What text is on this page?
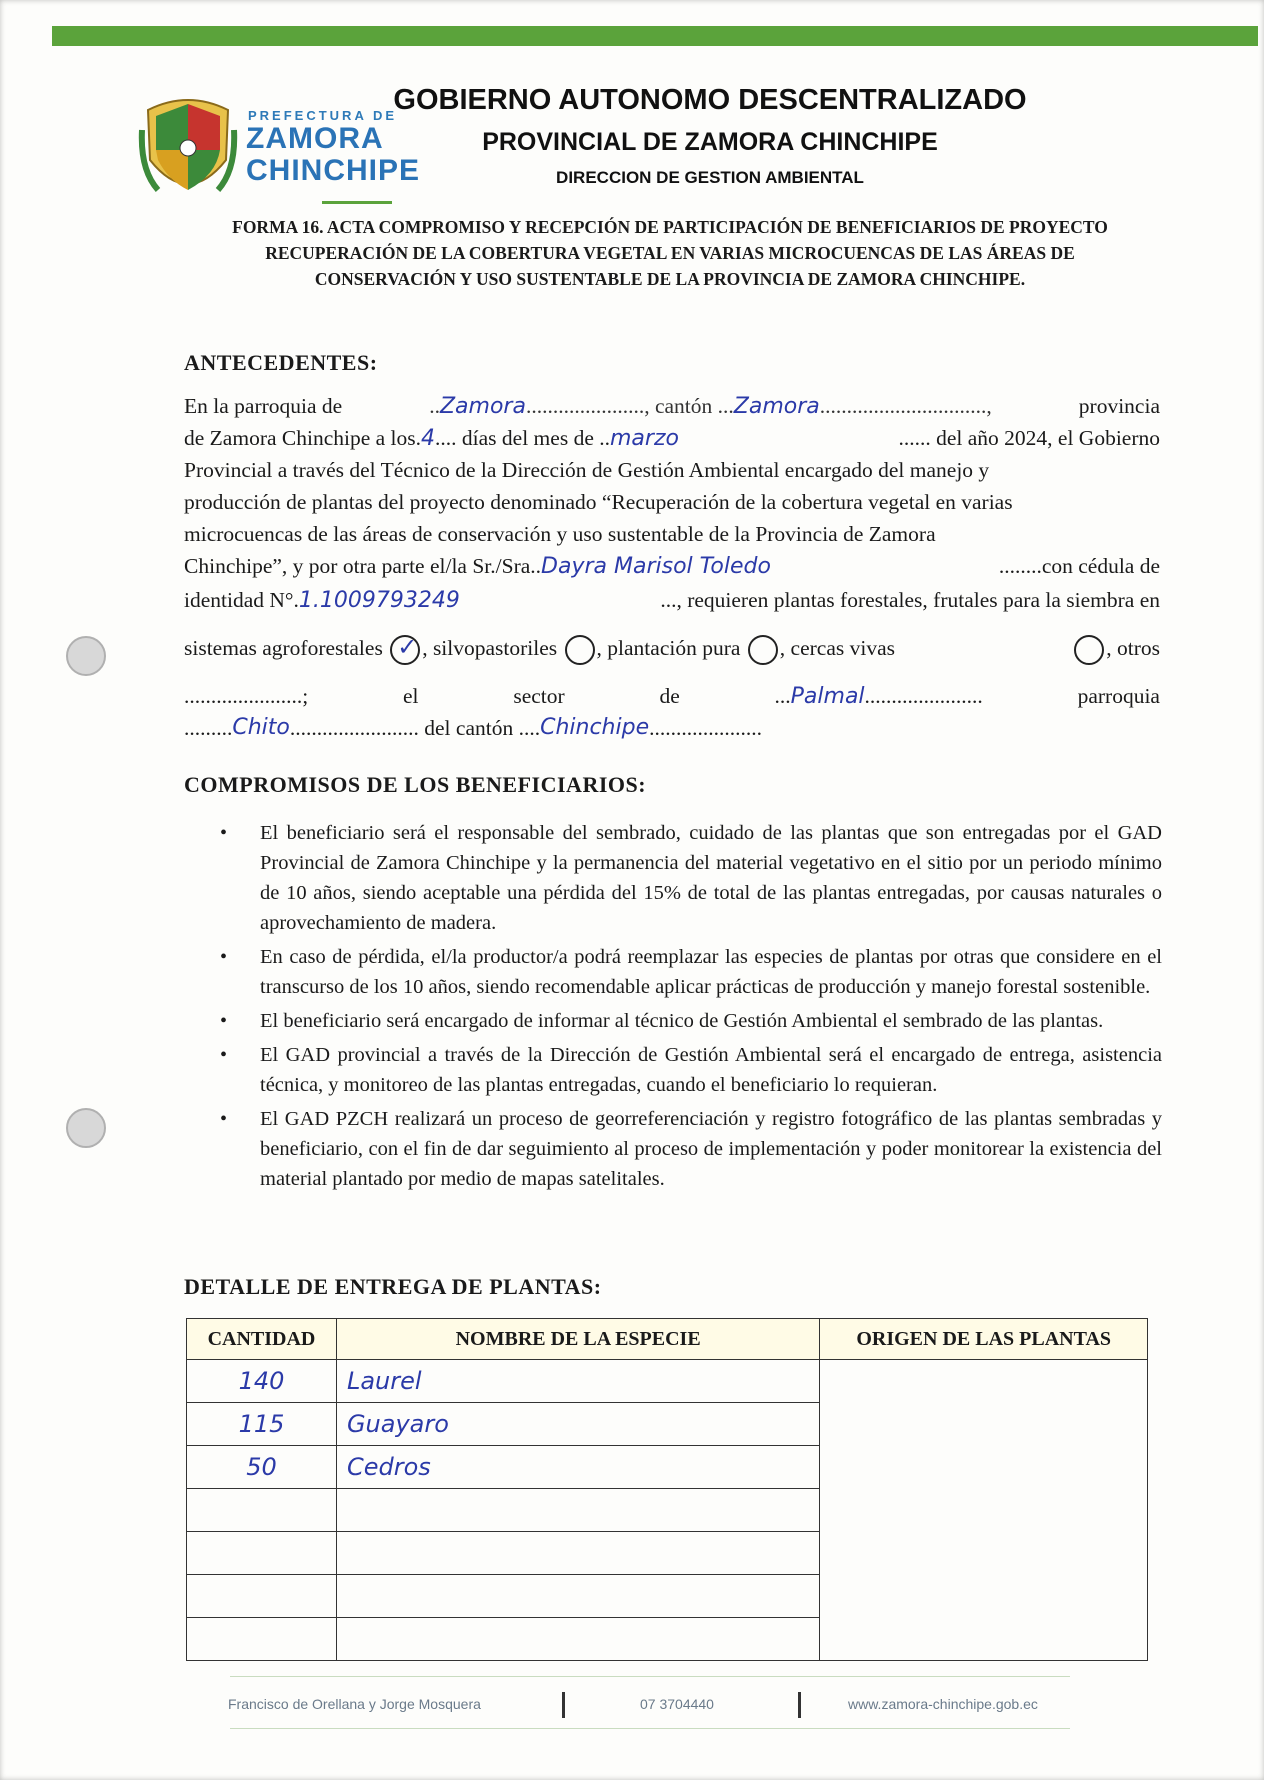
PREFECTURA DE
ZAMORA
CHINCHIPE
GOBIERNO AUTONOMO DESCENTRALIZADO
PROVINCIAL DE ZAMORA CHINCHIPE
DIRECCION DE GESTION AMBIENTAL
FORMA 16. ACTA COMPROMISO Y RECEPCIÓN DE PARTICIPACIÓN DE BENEFICIARIOS DE PROYECTO
RECUPERACIÓN DE LA COBERTURA VEGETAL EN VARIAS MICROCUENCAS DE LAS ÁREAS DE
CONSERVACIÓN Y USO SUSTENTABLE DE LA PROVINCIA DE ZAMORA CHINCHIPE.
ANTECEDENTES:
En la parroquia de	..Zamora......................, cantón ...Zamora...............................,	provincia
de Zamora Chinchipe a los.4.... días del mes de ..marzo	...... del año 2024, el Gobierno
Provincial a través del Técnico de la Dirección de Gestión Ambiental encargado del manejo y
producción de plantas del proyecto denominado “Recuperación de la cobertura vegetal en varias
microcuencas de las áreas de conservación y uso sustentable de la Provincia de Zamora
Chinchipe”, y por otra parte el/la Sr./Sra..Dayra Marisol Toledo	........con cédula de
identidad N°.1.1009793249	..., requieren plantas forestales, frutales para la siembra en
sistemas agroforestales ✓ , silvopastoriles , plantación pura , cercas vivas	, otros
......................;	el	sector	de	...Palmal......................	parroquia
......... Chito ........................ del cantón .... Chinchipe .....................
COMPROMISOS DE LOS BENEFICIARIOS:
• El beneficiario será el responsable del sembrado, cuidado de las plantas que son entregadas por el GAD Provincial de Zamora Chinchipe y la permanencia del material vegetativo en el sitio por un periodo mínimo de 10 años, siendo aceptable una pérdida del 15% de total de las plantas entregadas, por causas naturales o aprovechamiento de madera.
• En caso de pérdida, el/la productor/a podrá reemplazar las especies de plantas por otras que considere en el transcurso de los 10 años, siendo recomendable aplicar prácticas de producción y manejo forestal sostenible.
• El beneficiario será encargado de informar al técnico de Gestión Ambiental el sembrado de las plantas.
• El GAD provincial a través de la Dirección de Gestión Ambiental será el encargado de entrega, asistencia técnica, y monitoreo de las plantas entregadas, cuando el beneficiario lo requieran.
• El GAD PZCH realizará un proceso de georreferenciación y registro fotográfico de las plantas sembradas y beneficiario, con el fin de dar seguimiento al proceso de implementación y poder monitorear la existencia del material plantado por medio de mapas satelitales.
DETALLE DE ENTREGA DE PLANTAS:
CANTIDAD	NOMBRE DE LA ESPECIE	ORIGEN DE LAS PLANTAS
140	Laurel	
115	Guayaro	
50	Cedros	

Francisco de Orellana y Jorge Mosquera	07 3704440	www.zamora-chinchipe.gob.ec
